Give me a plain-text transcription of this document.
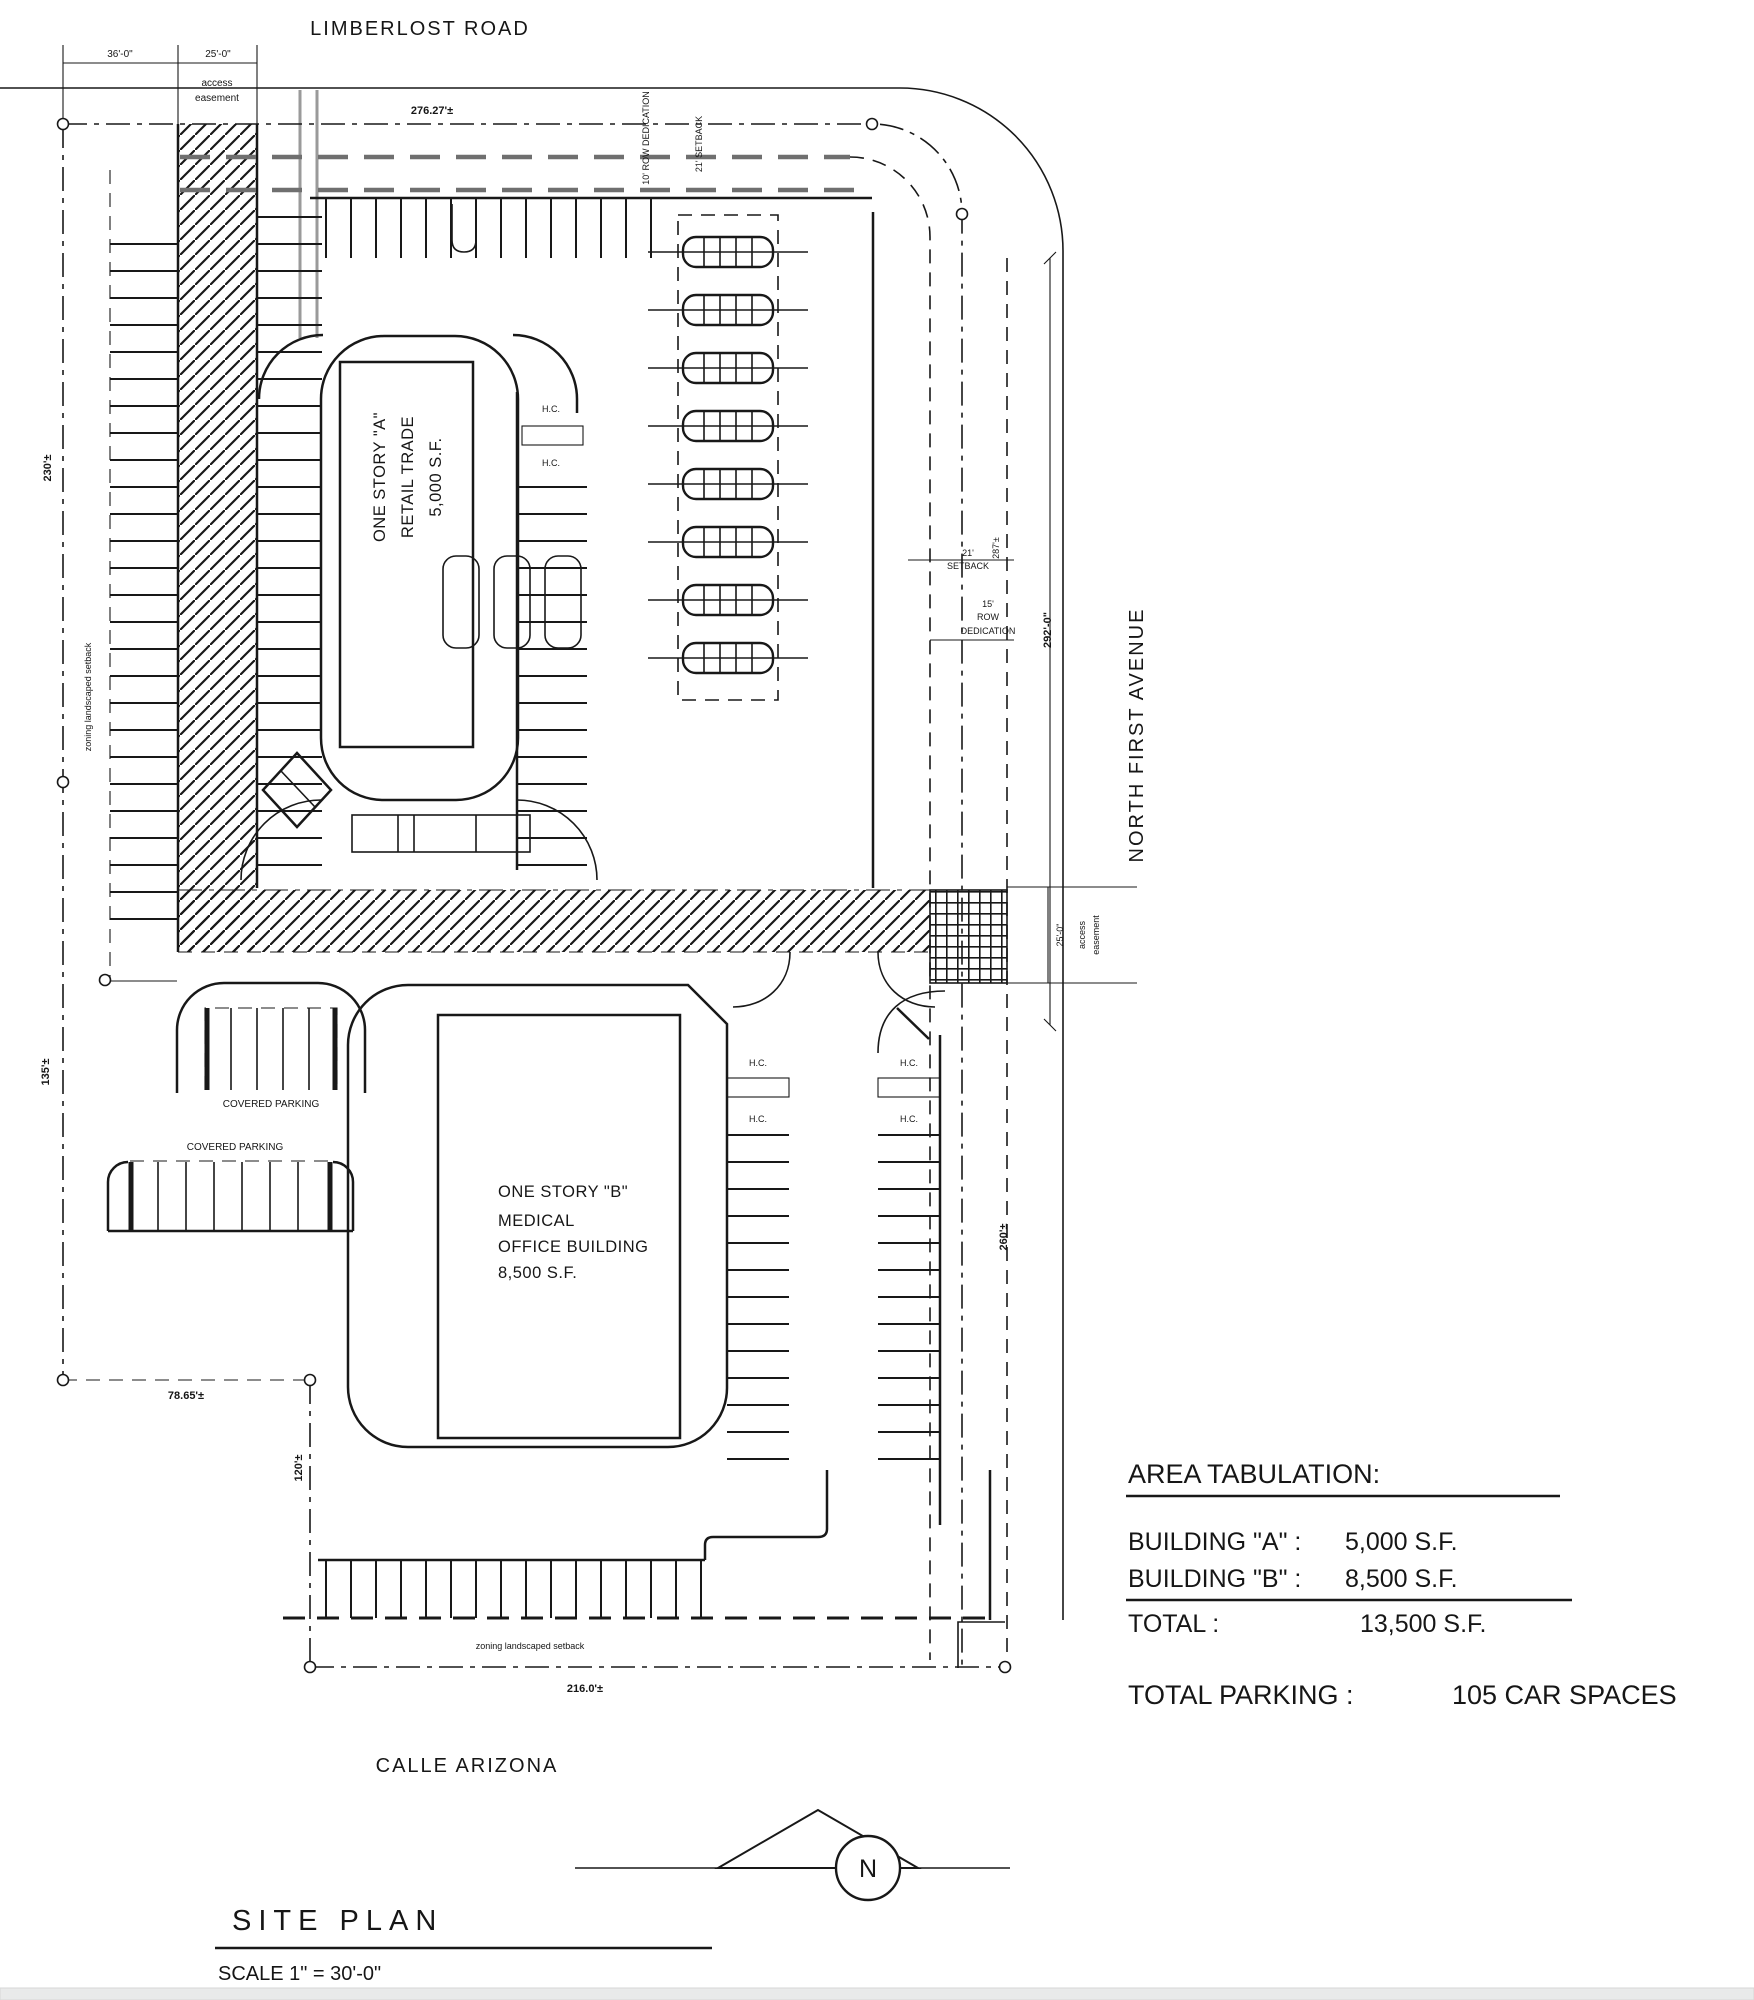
LIMBERLOST ROAD
NORTH FIRST AVENUE
CALLE ARIZONA
ONE STORY "A" RETAIL TRADE 5,000 S.F.
ONE STORY "B"
MEDICAL
OFFICE BUILDING
8,500 S.F.
H.C.
H.C.
H.C.
H.C.
H.C.
H.C.
COVERED PARKING
COVERED PARKING
36'-0"	25'-0"
access
easement
276.27'±	10' ROW DEDICATION	21' SETBACK
230'±
zoning landscaped setback
135'±
78.65'±
120'±
287'±
21'
SETBACK
15'
ROW
DEDICATION 292'-0"
25'-0" access easement
260'±
zoning landscaped setback
216.0'±
AREA TABULATION:
BUILDING "A" : 5,000 S.F.
BUILDING "B" : 8,500 S.F.
TOTAL :	13,500 S.F.
TOTAL PARKING :	105 CAR SPACES
SITE PLAN
SCALE 1" = 30'-0"
N
